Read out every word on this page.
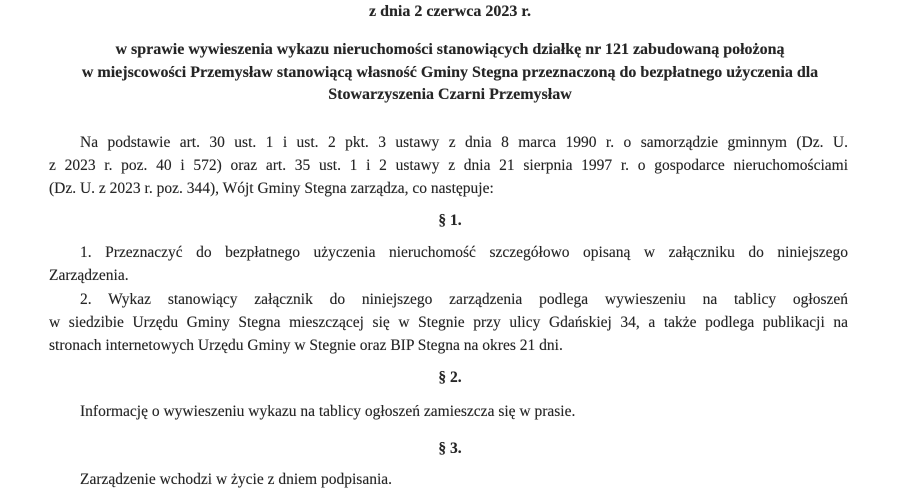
z dnia 2 czerwca 2023 r.
w sprawie wywieszenia wykazu nieruchomości stanowiących działkę nr 121 zabudowaną położoną
w miejscowości Przemysław stanowiącą własność Gminy Stegna przeznaczoną do bezpłatnego użyczenia dla
Stowarzyszenia Czarni Przemysław
Na podstawie art. 30 ust. 1 i ust. 2 pkt. 3 ustawy z dnia 8 marca 1990 r. o samorządzie gminnym (Dz. U.
z 2023 r. poz. 40 i 572) oraz art. 35 ust. 1 i 2 ustawy z dnia 21 sierpnia 1997 r. o gospodarce nieruchomościami
(Dz. U. z 2023 r. poz. 344), Wójt Gminy Stegna zarządza, co następuje:
§ 1.
1. Przeznaczyć do bezpłatnego użyczenia nieruchomość szczegółowo opisaną w załączniku do niniejszego
Zarządzenia.
2. Wykaz stanowiący załącznik do niniejszego zarządzenia podlega wywieszeniu na tablicy ogłoszeń
w siedzibie Urzędu Gminy Stegna mieszczącej się w Stegnie przy ulicy Gdańskiej 34, a także podlega publikacji na
stronach internetowych Urzędu Gminy w Stegnie oraz BIP Stegna na okres 21 dni.
§ 2.
Informację o wywieszeniu wykazu na tablicy ogłoszeń zamieszcza się w prasie.
§ 3.
Zarządzenie wchodzi w życie z dniem podpisania.
